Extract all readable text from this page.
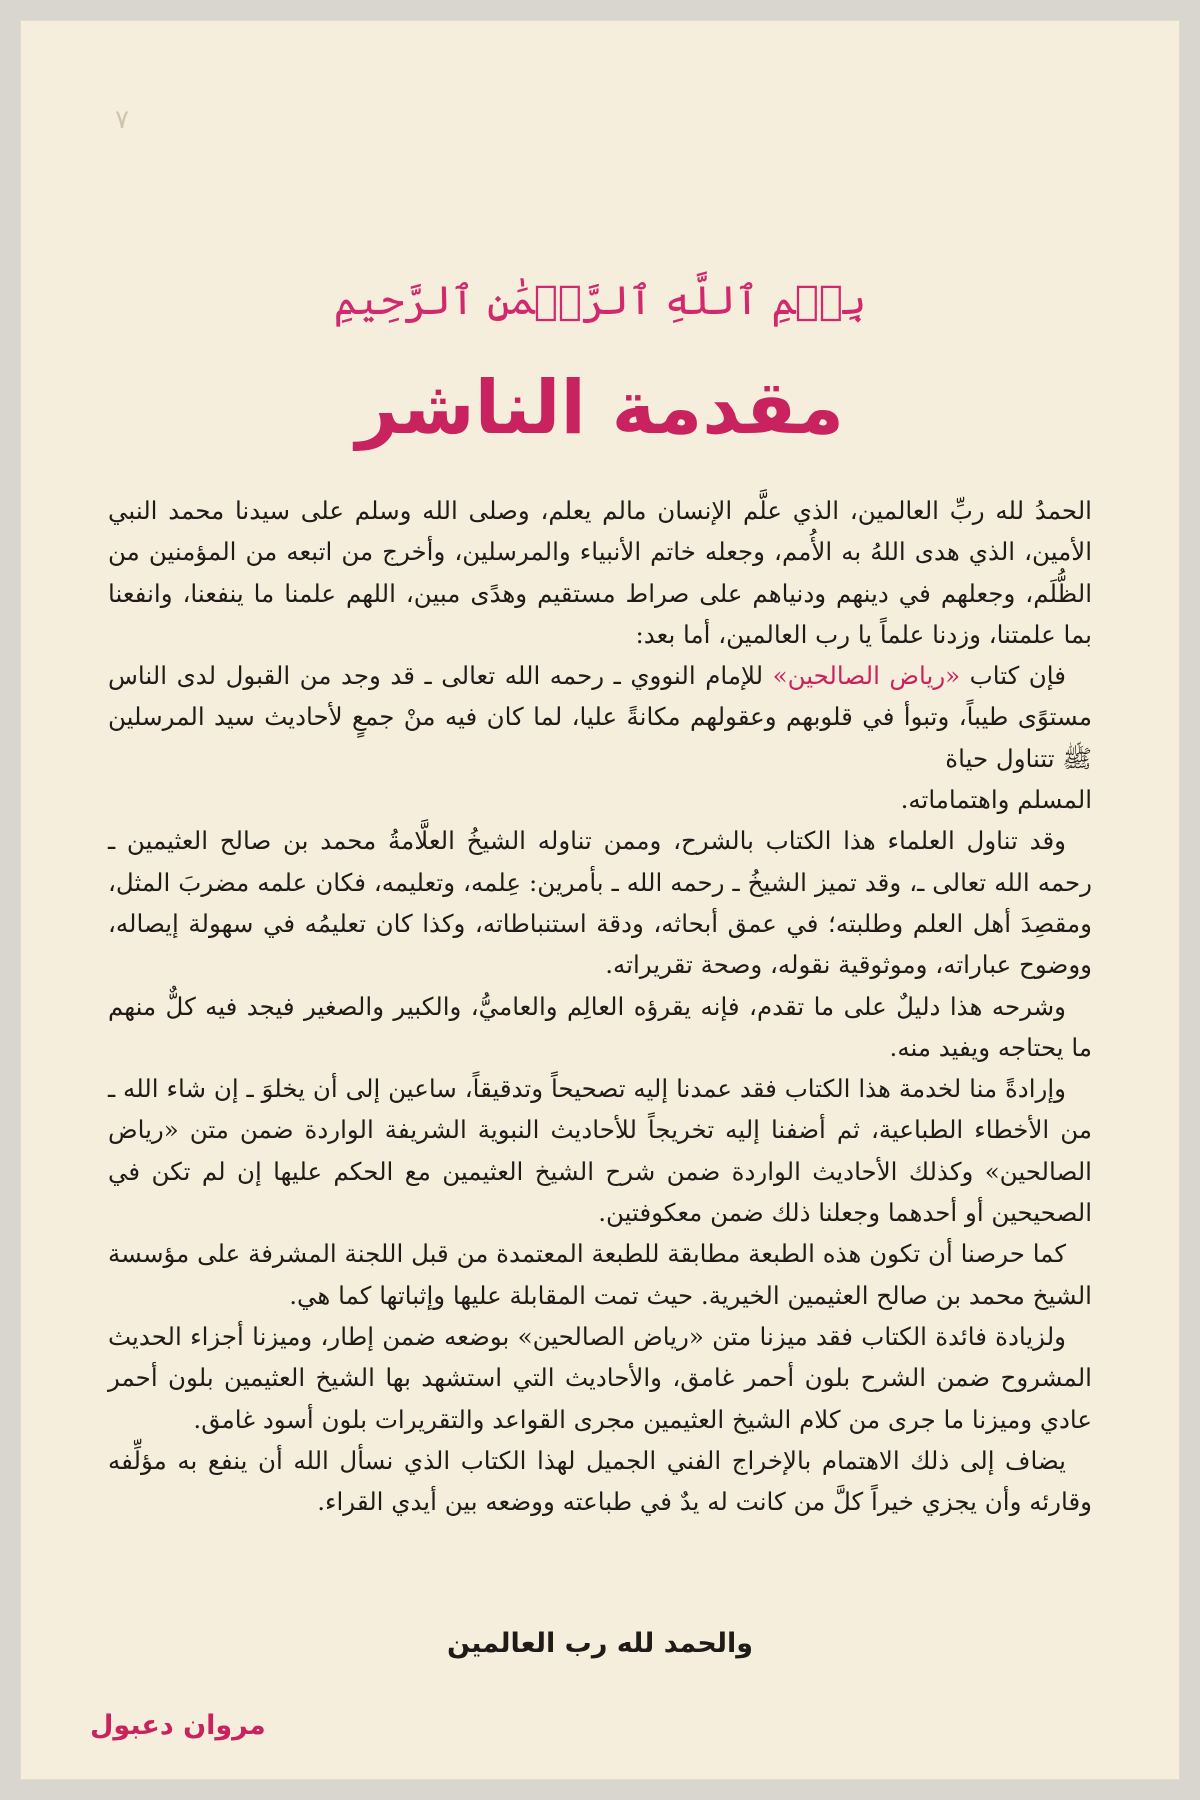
٧
بِسۡمِ ٱللَّهِ ٱلرَّحۡمَٰنِ ٱلرَّحِيمِ
مقدمة الناشر

الحمدُ لله ربِّ العالمين، الذي علَّم الإنسان مالم يعلم، وصلى الله وسلم على سيدنا محمد النبي الأمين، الذي هدى اللهُ به الأُمم، وجعله خاتم الأنبياء والمرسلين، وأخرج من اتبعه من المؤمنين من الظُّلَم، وجعلهم في دينهم ودنياهم على صراط مستقيم وهدًى مبين، اللهم علمنا ما ينفعنا، وانفعنا بما علمتنا، وزدنا علماً يا رب العالمين، أما بعد:

فإن كتاب «رياض الصالحين» للإمام النووي ـ رحمه الله تعالى ـ قد وجد من القبول لدى الناس مستوًى طيباً، وتبوأ في قلوبهم وعقولهم مكانةً عليا، لما كان فيه منْ جمعٍ لأحاديث سيد المرسلين ﷺ تتناول حياة

المسلم واهتماماته.

وقد تناول العلماء هذا الكتاب بالشرح، وممن تناوله الشيخُ العلَّامةُ محمد بن صالح العثيمين ـ رحمه الله تعالى ـ، وقد تميز الشيخُ ـ رحمه الله ـ بأمرين: عِلمه، وتعليمه، فكان علمه مضربَ المثل، ومقصِدَ أهل العلم وطلبته؛ في عمق أبحاثه، ودقة استنباطاته، وكذا كان تعليمُه في سهولة إيصاله، ووضوح عباراته، وموثوقية نقوله، وصحة تقريراته.

وشرحه هذا دليلٌ على ما تقدم، فإنه يقرؤه العالِم والعاميُّ، والكبير والصغير فيجد فيه كلٌّ منهم ما يحتاجه ويفيد منه.

وإرادةً منا لخدمة هذا الكتاب فقد عمدنا إليه تصحيحاً وتدقيقاً، ساعين إلى أن يخلوَ ـ إن شاء الله ـ من الأخطاء الطباعية، ثم أضفنا إليه تخريجاً للأحاديث النبوية الشريفة الواردة ضمن متن «رياض الصالحين» وكذلك الأحاديث الواردة ضمن شرح الشيخ العثيمين مع الحكم عليها إن لم تكن في الصحيحين أو أحدهما وجعلنا ذلك ضمن معكوفتين.

كما حرصنا أن تكون هذه الطبعة مطابقة للطبعة المعتمدة من قبل اللجنة المشرفة على مؤسسة الشيخ محمد بن صالح العثيمين الخيرية. حيث تمت المقابلة عليها وإثباتها كما هي.

ولزيادة فائدة الكتاب فقد ميزنا متن «رياض الصالحين» بوضعه ضمن إطار، وميزنا أجزاء الحديث المشروح ضمن الشرح بلون أحمر غامق، والأحاديث التي استشهد بها الشيخ العثيمين بلون أحمر عادي وميزنا ما جرى من كلام الشيخ العثيمين مجرى القواعد والتقريرات بلون أسود غامق.

يضاف إلى ذلك الاهتمام بالإخراج الفني الجميل لهذا الكتاب الذي نسأل الله أن ينفع به مؤلِّفه وقارئه وأن يجزي خيراً كلَّ من كانت له يدٌ في طباعته ووضعه بين أيدي القراء.

والحمد لله رب العالمين
مروان دعبول
